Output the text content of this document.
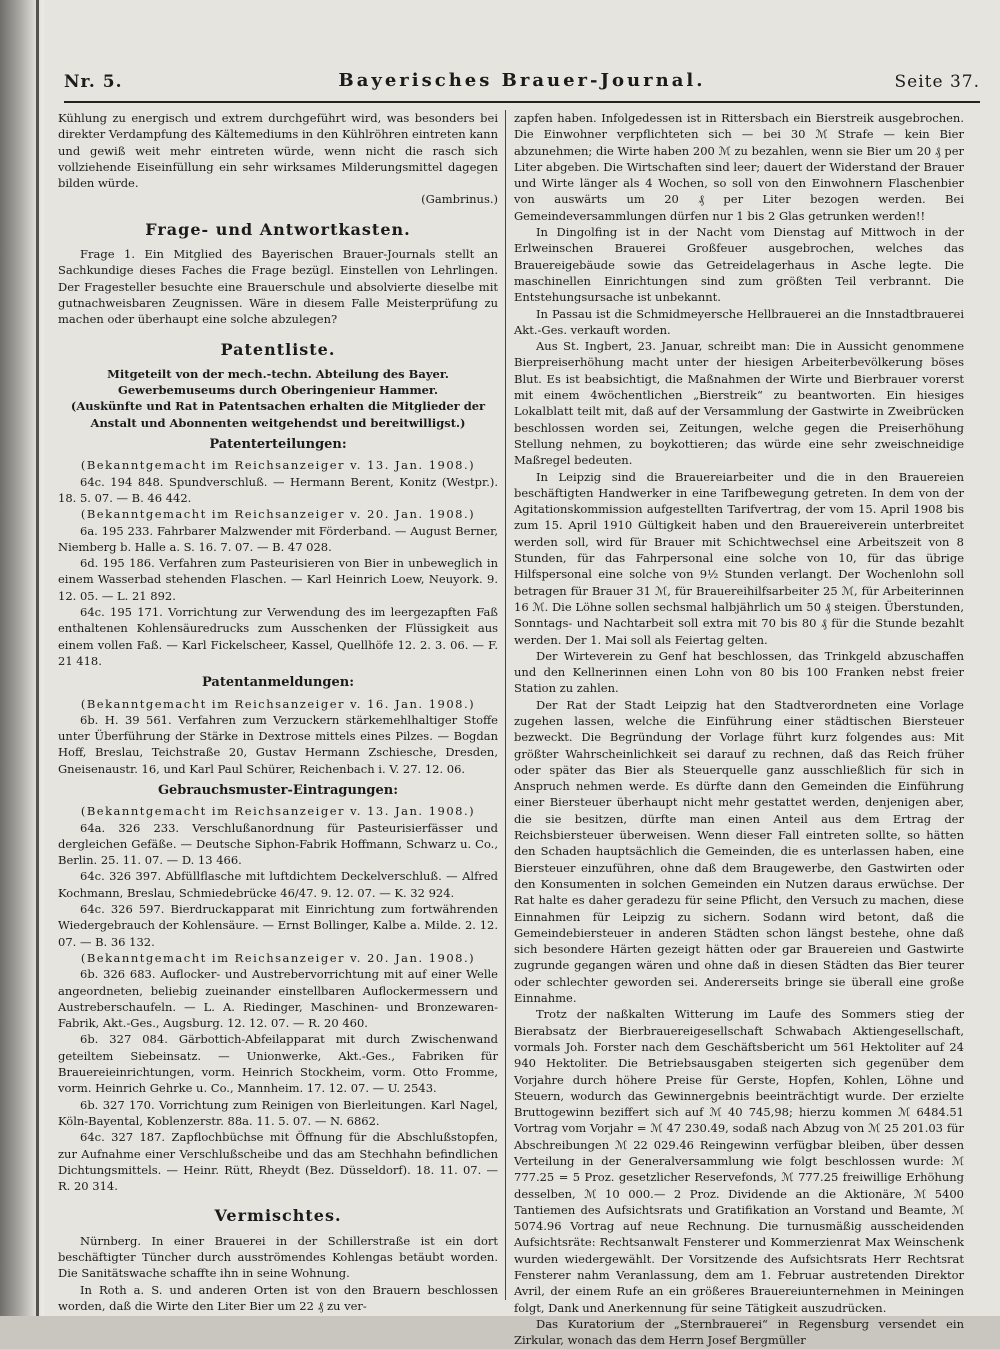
Nr. 5.	Bayerisches Brauer-Journal.	Seite 37.

Kühlung zu energisch und extrem durchgeführt wird, was besonders bei direkter Verdampfung des Kältemediums in den Kühlröhren eintreten kann und gewiß weit mehr eintreten würde, wenn nicht die rasch sich vollziehende Eiseinfüllung ein sehr wirksames Milderungsmittel dagegen bilden würde.

(Gambrinus.)

Frage- und Antwortkasten.

Frage 1. Ein Mitglied des Bayerischen Brauer-Journals stellt an Sachkundige dieses Faches die Frage bezügl. Einstellen von Lehrlingen. Der Fragesteller besuchte eine Brauerschule und absolvierte dieselbe mit gutnachweisbaren Zeugnissen. Wäre in diesem Falle Meisterprüfung zu machen oder überhaupt eine solche abzulegen?

Patentliste.

Mitgeteilt von der mech.-techn. Abteilung des Bayer. Gewerbemuseums durch Oberingenieur Hammer.

(Auskünfte und Rat in Patentsachen erhalten die Mitglieder der Anstalt und Abonnenten weitgehendst und bereitwilligst.)

Patenterteilungen:

(Bekanntgemacht im Reichsanzeiger v. 13. Jan. 1908.)

64c. 194 848. Spundverschluß. — Hermann Berent, Konitz (Westpr.). 18. 5. 07. — B. 46 442.

(Bekanntgemacht im Reichsanzeiger v. 20. Jan. 1908.)

6a. 195 233. Fahrbarer Malzwender mit Förderband. — August Berner, Niemberg b. Halle a. S. 16. 7. 07. — B. 47 028.

6d. 195 186. Verfahren zum Pasteurisieren von Bier in unbeweglich in einem Wasserbad stehenden Flaschen. — Karl Heinrich Loew, Neuyork. 9. 12. 05. — L. 21 892.

64c. 195 171. Vorrichtung zur Verwendung des im leergezapften Faß enthaltenen Kohlensäuredrucks zum Ausschenken der Flüssigkeit aus einem vollen Faß. — Karl Fickelscheer, Kassel, Quellhöfe 12. 2. 3. 06. — F. 21 418.

Patentanmeldungen:

(Bekanntgemacht im Reichsanzeiger v. 16. Jan. 1908.)

6b. H. 39 561. Verfahren zum Verzuckern stärkemehlhaltiger Stoffe unter Überführung der Stärke in Dextrose mittels eines Pilzes. — Bogdan Hoff, Breslau, Teichstraße 20, Gustav Hermann Zschiesche, Dresden, Gneisenaustr. 16, und Karl Paul Schürer, Reichenbach i. V. 27. 12. 06.

Gebrauchsmuster-Eintragungen:

(Bekanntgemacht im Reichsanzeiger v. 13. Jan. 1908.)

64a. 326 233. Verschlußanordnung für Pasteurisierfässer und dergleichen Gefäße. — Deutsche Siphon-Fabrik Hoffmann, Schwarz u. Co., Berlin. 25. 11. 07. — D. 13 466.

64c. 326 397. Abfüllflasche mit luftdichtem Deckelverschluß. — Alfred Kochmann, Breslau, Schmiedebrücke 46/47. 9. 12. 07. — K. 32 924.

64c. 326 597. Bierdruckapparat mit Einrichtung zum fortwährenden Wiedergebrauch der Kohlensäure. — Ernst Bollinger, Kalbe a. Milde. 2. 12. 07. — B. 36 132.

(Bekanntgemacht im Reichsanzeiger v. 20. Jan. 1908.)

6b. 326 683. Auflocker- und Austrebervorrichtung mit auf einer Welle angeordneten, beliebig zueinander einstellbaren Auflockermessern und Austreberschaufeln. — L. A. Riedinger, Maschinen- und Bronzewaren-Fabrik, Akt.-Ges., Augsburg. 12. 12. 07. — R. 20 460.

6b. 327 084. Gärbottich-Abfeilapparat mit durch Zwischenwand geteiltem Siebeinsatz. — Unionwerke, Akt.-Ges., Fabriken für Brauereieinrichtungen, vorm. Heinrich Stockheim, vorm. Otto Fromme, vorm. Heinrich Gehrke u. Co., Mannheim. 17. 12. 07. — U. 2543.

6b. 327 170. Vorrichtung zum Reinigen von Bierleitungen. Karl Nagel, Köln-Bayental, Koblenzerstr. 88a. 11. 5. 07. — N. 6862.

64c. 327 187. Zapflochbüchse mit Öffnung für die Abschlußstopfen, zur Aufnahme einer Verschlußscheibe und das am Stechhahn befindlichen Dichtungsmittels. — Heinr. Rütt, Rheydt (Bez. Düsseldorf). 18. 11. 07. — R. 20 314.

Vermischtes.

Nürnberg. In einer Brauerei in der Schillerstraße ist ein dort beschäftigter Tüncher durch ausströmendes Kohlengas betäubt worden. Die Sanitätswache schaffte ihn in seine Wohnung.

In Roth a. S. und anderen Orten ist von den Brauern beschlossen worden, daß die Wirte den Liter Bier um 22 ₰ zu ver-

zapfen haben. Infolgedessen ist in Rittersbach ein Bierstreik ausgebrochen. Die Einwohner verpflichteten sich — bei 30 ℳ Strafe — kein Bier abzunehmen; die Wirte haben 200 ℳ zu bezahlen, wenn sie Bier um 20 ₰ per Liter abgeben. Die Wirtschaften sind leer; dauert der Widerstand der Brauer und Wirte länger als 4 Wochen, so soll von den Einwohnern Flaschenbier von auswärts um 20 ₰ per Liter bezogen werden. Bei Gemeindeversammlungen dürfen nur 1 bis 2 Glas getrunken werden!!

In Dingolfing ist in der Nacht vom Dienstag auf Mittwoch in der Erlweinschen Brauerei Großfeuer ausgebrochen, welches das Brauereigebäude sowie das Getreidelagerhaus in Asche legte. Die maschinellen Einrichtungen sind zum größten Teil verbrannt. Die Entstehungsursache ist unbekannt.

In Passau ist die Schmidmeyersche Hellbrauerei an die Innstadtbrauerei Akt.-Ges. verkauft worden.

Aus St. Ingbert, 23. Januar, schreibt man: Die in Aussicht genommene Bierpreiserhöhung macht unter der hiesigen Arbeiterbevölkerung böses Blut. Es ist beabsichtigt, die Maßnahmen der Wirte und Bierbrauer vorerst mit einem 4wöchentlichen „Bierstreik“ zu beantworten. Ein hiesiges Lokalblatt teilt mit, daß auf der Versammlung der Gastwirte in Zweibrücken beschlossen worden sei, Zeitungen, welche gegen die Preiserhöhung Stellung nehmen, zu boykottieren; das würde eine sehr zweischneidige Maßregel bedeuten.

In Leipzig sind die Brauereiarbeiter und die in den Brauereien beschäftigten Handwerker in eine Tarifbewegung getreten. In dem von der Agitationskommission aufgestellten Tarifvertrag, der vom 15. April 1908 bis zum 15. April 1910 Gültigkeit haben und den Brauereiverein unterbreitet werden soll, wird für Brauer mit Schichtwechsel eine Arbeitszeit von 8 Stunden, für das Fahrpersonal eine solche von 10, für das übrige Hilfspersonal eine solche von 9½ Stunden verlangt. Der Wochenlohn soll betragen für Brauer 31 ℳ, für Brauereihilfsarbeiter 25 ℳ, für Arbeiterinnen 16 ℳ. Die Löhne sollen sechsmal halbjährlich um 50 ₰ steigen. Überstunden, Sonntags- und Nachtarbeit soll extra mit 70 bis 80 ₰ für die Stunde bezahlt werden. Der 1. Mai soll als Feiertag gelten.

Der Wirteverein zu Genf hat beschlossen, das Trinkgeld abzuschaffen und den Kellnerinnen einen Lohn von 80 bis 100 Franken nebst freier Station zu zahlen.

Der Rat der Stadt Leipzig hat den Stadtverordneten eine Vorlage zugehen lassen, welche die Einführung einer städtischen Biersteuer bezweckt. Die Begründung der Vorlage führt kurz folgendes aus: Mit größter Wahrscheinlichkeit sei darauf zu rechnen, daß das Reich früher oder später das Bier als Steuerquelle ganz ausschließlich für sich in Anspruch nehmen werde. Es dürfte dann den Gemeinden die Einführung einer Biersteuer überhaupt nicht mehr gestattet werden, denjenigen aber, die sie besitzen, dürfte man einen Anteil aus dem Ertrag der Reichsbiersteuer überweisen. Wenn dieser Fall eintreten sollte, so hätten den Schaden hauptsächlich die Gemeinden, die es unterlassen haben, eine Biersteuer einzuführen, ohne daß dem Braugewerbe, den Gastwirten oder den Konsumenten in solchen Gemeinden ein Nutzen daraus erwüchse. Der Rat halte es daher geradezu für seine Pflicht, den Versuch zu machen, diese Einnahmen für Leipzig zu sichern. Sodann wird betont, daß die Gemeindebiersteuer in anderen Städten schon längst bestehe, ohne daß sich besondere Härten gezeigt hätten oder gar Brauereien und Gastwirte zugrunde gegangen wären und ohne daß in diesen Städten das Bier teurer oder schlechter geworden sei. Andererseits bringe sie überall eine große Einnahme.

Trotz der naßkalten Witterung im Laufe des Sommers stieg der Bierabsatz der Bierbrauereigesellschaft Schwabach Aktiengesellschaft, vormals Joh. Forster nach dem Geschäftsbericht um 561 Hektoliter auf 24 940 Hektoliter. Die Betriebsausgaben steigerten sich gegenüber dem Vorjahre durch höhere Preise für Gerste, Hopfen, Kohlen, Löhne und Steuern, wodurch das Gewinnergebnis beeinträchtigt wurde. Der erzielte Bruttogewinn beziffert sich auf ℳ 40 745,98; hierzu kommen ℳ 6484.51 Vortrag vom Vorjahr = ℳ 47 230.49, sodaß nach Abzug von ℳ 25 201.03 für Abschreibungen ℳ 22 029.46 Reingewinn verfügbar bleiben, über dessen Verteilung in der Generalversammlung wie folgt beschlossen wurde: ℳ 777.25 = 5 Proz. gesetzlicher Reservefonds, ℳ 777.25 freiwillige Erhöhung desselben, ℳ 10 000.— 2 Proz. Dividende an die Aktionäre, ℳ 5400 Tantiemen des Aufsichtsrats und Gratifikation an Vorstand und Beamte, ℳ 5074.96 Vortrag auf neue Rechnung. Die turnusmäßig ausscheidenden Aufsichtsräte: Rechtsanwalt Fensterer und Kommerzienrat Max Weinschenk wurden wiedergewählt. Der Vorsitzende des Aufsichtsrats Herr Rechtsrat Fensterer nahm Veranlassung, dem am 1. Februar austretenden Direktor Avril, der einem Rufe an ein größeres Brauereiunternehmen in Meiningen folgt, Dank und Anerkennung für seine Tätigkeit auszudrücken.

Das Kuratorium der „Sternbrauerei“ in Regensburg versendet ein Zirkular, wonach das dem Herrn Josef Bergmüller
